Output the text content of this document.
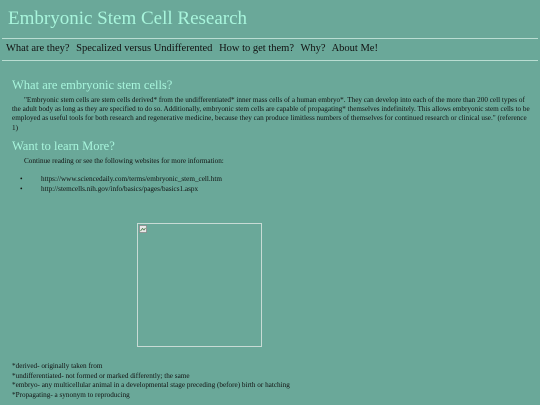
Embryonic Stem Cell Research
What are they? Specalized versus Undifferented How to get them? Why? About Me!
What are embryonic stem cells?

"Embryonic stem cells are stem cells derived* from the undifferentiated* inner mass cells of a human embryo*. They can develop into each of the more than 200 cell types of the adult body as long as they are specified to do so. Additionally, embryonic stem cells are capable of propagating* themselves indefinitely. This allows embryonic stem cells to be employed as useful tools for both research and regenerative medicine, because they can produce limitless numbers of themselves for continued research or clinical use." (reference 1)

Want to learn More?

Continue reading or see the following websites for more information:

•	https://www.sciencedaily.com/terms/embryonic_stem_cell.htm
•	http://stemcells.nih.gov/info/basics/pages/basics1.aspx
*derived- originally taken from
*undifferentiated- not formed or marked differently; the same
*embryo- any multicellular animal in a developmental stage preceding (before) birth or hatching
*Propagating- a synonym to reproducing
